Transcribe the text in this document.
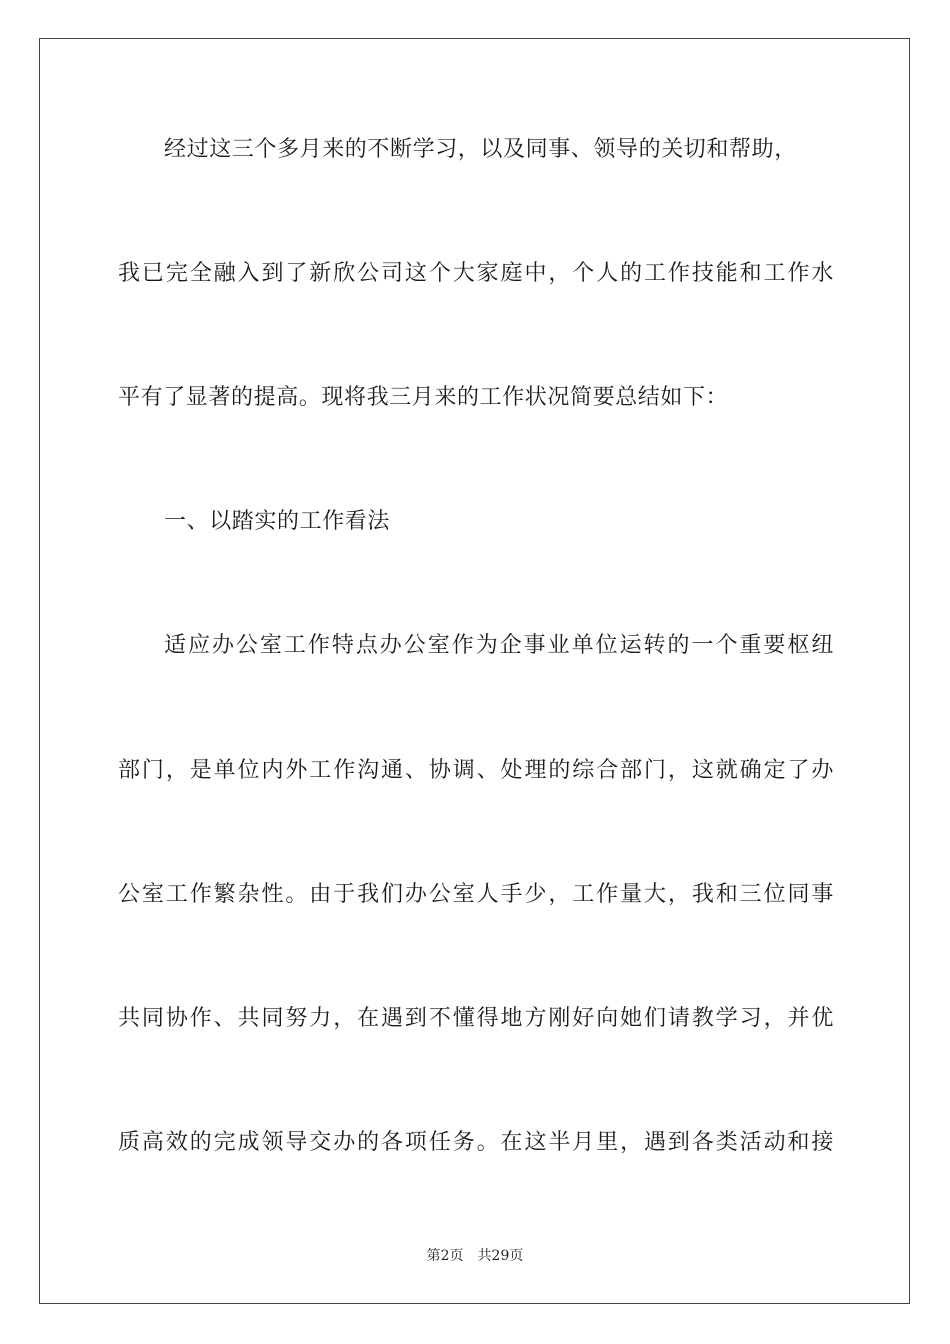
经过这三个多月来的不断学习，以及同事、领导的关切和帮助，
我已完全融入到了新欣公司这个大家庭中，个人的工作技能和工作水
平有了显著的提高。现将我三月来的工作状况简要总结如下：
一、以踏实的工作看法
适应办公室工作特点办公室作为企事业单位运转的一个重要枢纽
部门，是单位内外工作沟通、协调、处理的综合部门，这就确定了办
公室工作繁杂性。由于我们办公室人手少，工作量大，我和三位同事
共同协作、共同努力，在遇到不懂得地方刚好向她们请教学习，并优
质高效的完成领导交办的各项任务。在这半月里，遇到各类活动和接
第2页 共29页
